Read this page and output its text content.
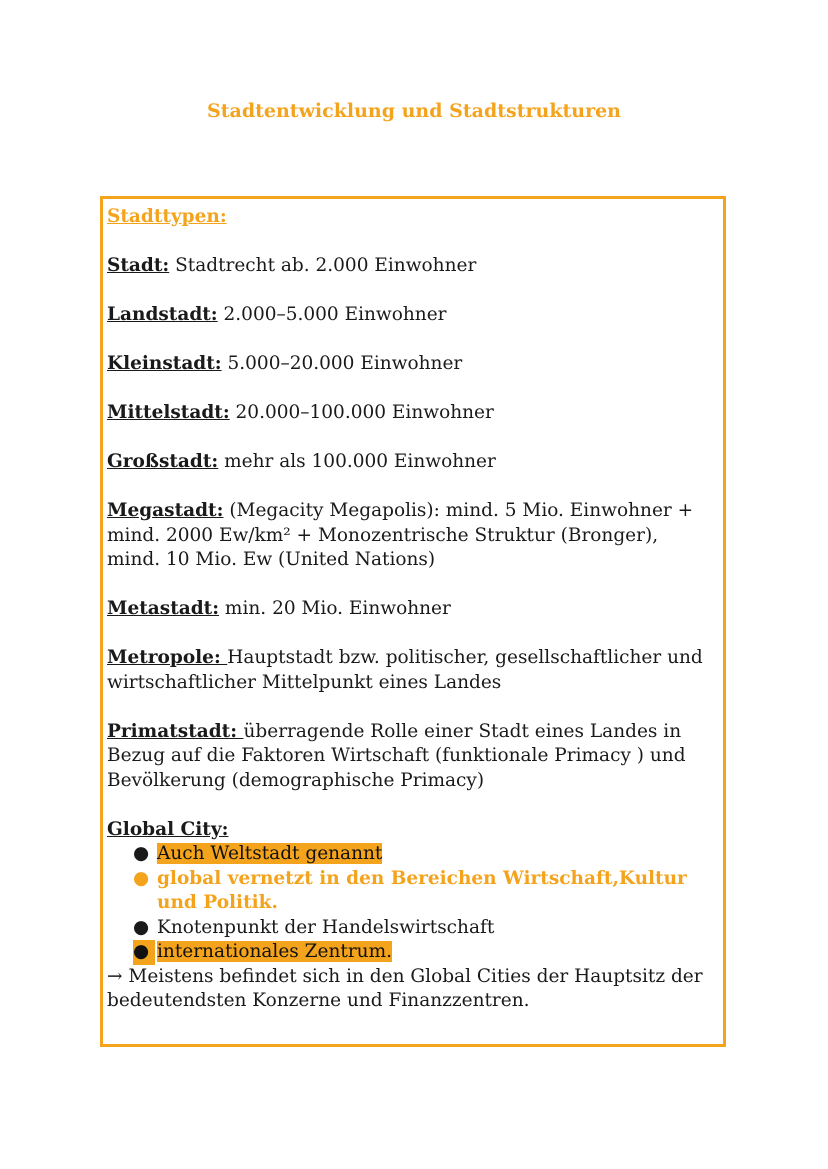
Stadtentwicklung und Stadtstrukturen

Stadttypen:

Stadt: Stadtrecht ab. 2.000 Einwohner

Landstadt: 2.000–5.000 Einwohner

Kleinstadt: 5.000–20.000 Einwohner

Mittelstadt: 20.000–100.000 Einwohner

Großstadt: mehr als 100.000 Einwohner

Megastadt: (Megacity Megapolis): mind. 5 Mio. Einwohner + mind. 2000 Ew/km² + Monozentrische Struktur (Bronger), mind. 10 Mio. Ew (United Nations)

Metastadt: min. 20 Mio. Einwohner

Metropole: Hauptstadt bzw. politischer, gesellschaftlicher und wirtschaftlicher Mittelpunkt eines Landes

Primatstadt: überragende Rolle einer Stadt eines Landes in Bezug auf die Faktoren Wirtschaft (funktionale Primacy ) und Bevölkerung (demographische Primacy)

Global City:

● Auch Weltstadt genannt
● global vernetzt in den Bereichen Wirtschaft,Kultur und Politik.
● Knotenpunkt der Handelswirtschaft
● internationales Zentrum.

→ Meistens befindet sich in den Global Cities der Hauptsitz der bedeutendsten Konzerne und Finanzzentren.
